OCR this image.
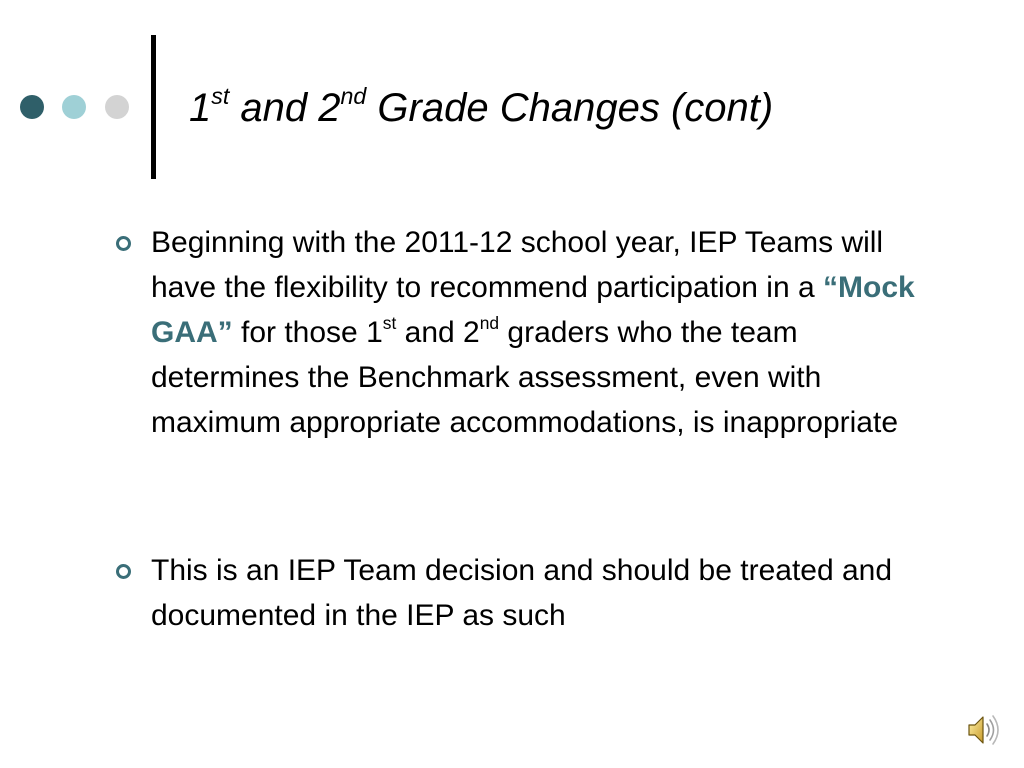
1st and 2nd Grade Changes (cont)

Beginning with the 2011-12 school year, IEP Teams will have the flexibility to recommend participation in a “Mock GAA” for those 1st and 2nd graders who the team determines the Benchmark assessment, even with maximum appropriate accommodations, is inappropriate

This is an IEP Team decision and should be treated and documented in the IEP as such
